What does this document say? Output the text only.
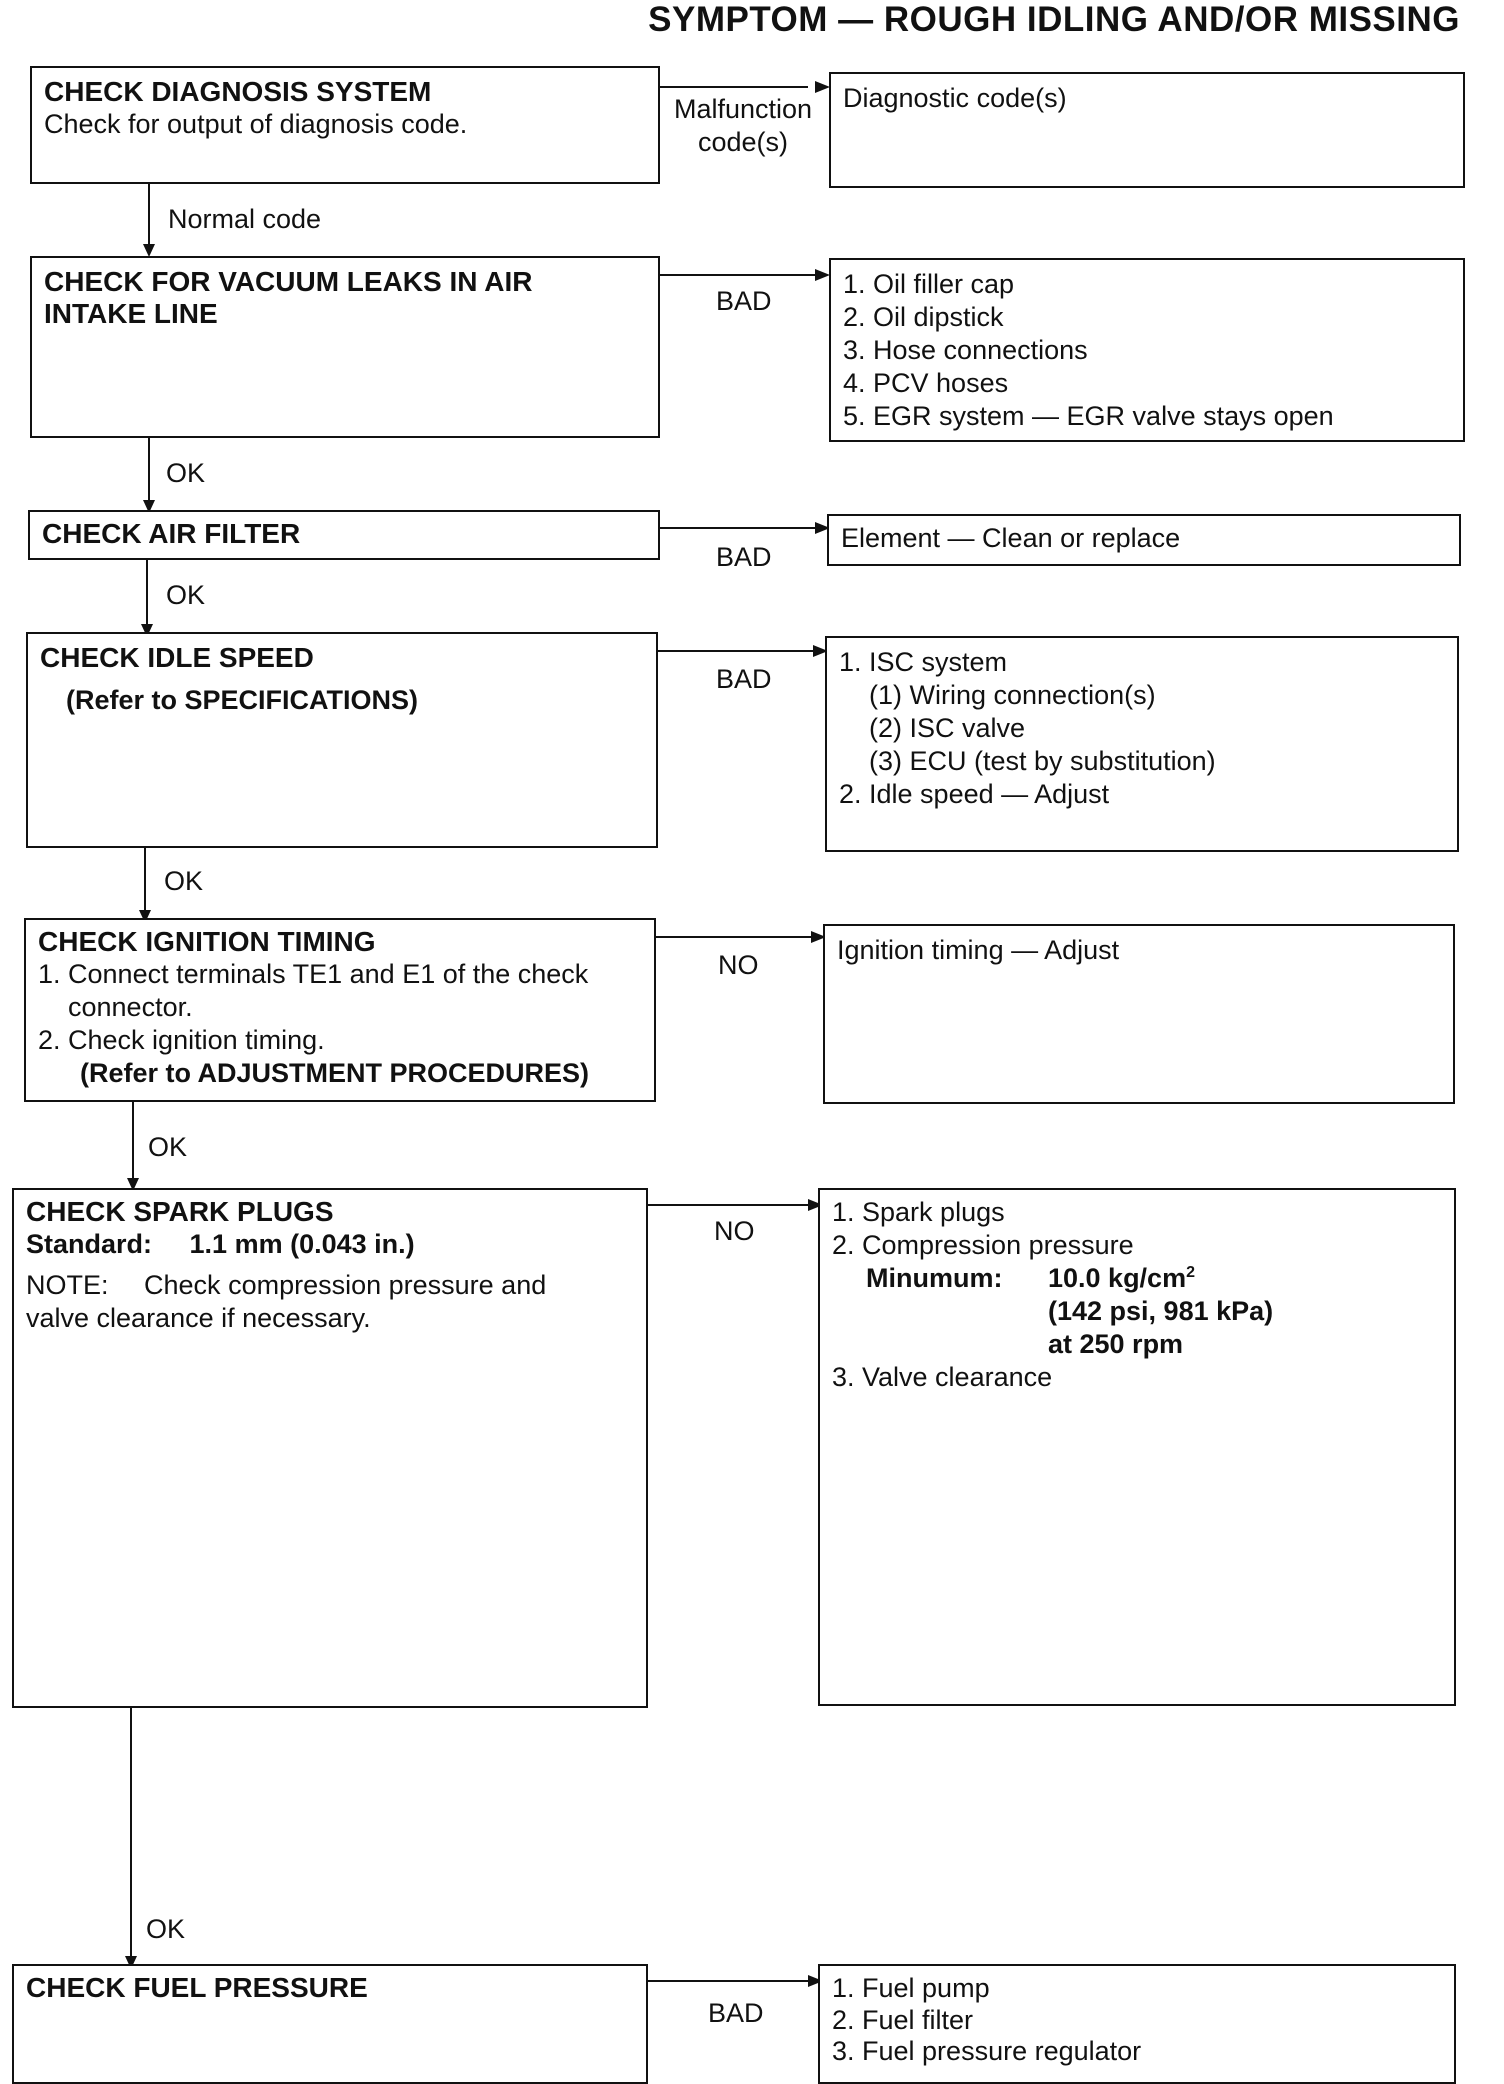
SYMPTOM — ROUGH IDLING AND/OR MISSING
CHECK DIAGNOSIS SYSTEM
Check for output of diagnosis code.	Malfunction code(s)
Diagnostic code(s)
Normal code
CHECK FOR VACUUM LEAKS IN AIR INTAKE LINE	BAD
1. Oil filler cap
2. Oil dipstick
3. Hose connections
4. PCV hoses
5. EGR system — EGR valve stays open
OK
CHECK AIR FILTER
BAD
Element — Clean or replace
OK
CHECK IDLE SPEED
(Refer to SPECIFICATIONS)
BAD
1. ISC system
(1) Wiring connection(s)
(2) ISC valve
(3) ECU (test by substitution)
2. Idle speed — Adjust
OK
CHECK IGNITION TIMING
1. Connect terminals TE1 and E1 of the check
connector.
2. Check ignition timing.
(Refer to ADJUSTMENT PROCEDURES)
NO	Ignition timing — Adjust
OK
CHECK SPARK PLUGS
Standard: 1.1 mm (0.043 in.)
NOTE: Check compression pressure and
valve clearance if necessary.
NO
1. Spark plugs
2. Compression pressure
Minumum: 10.0 $kg/cm^2$
(142 psi, 981 kPa)
at 250 rpm
3. Valve clearance
OK
CHECK FUEL PRESSURE
BAD
1. Fuel pump
2. Fuel filter
3. Fuel pressure regulator
